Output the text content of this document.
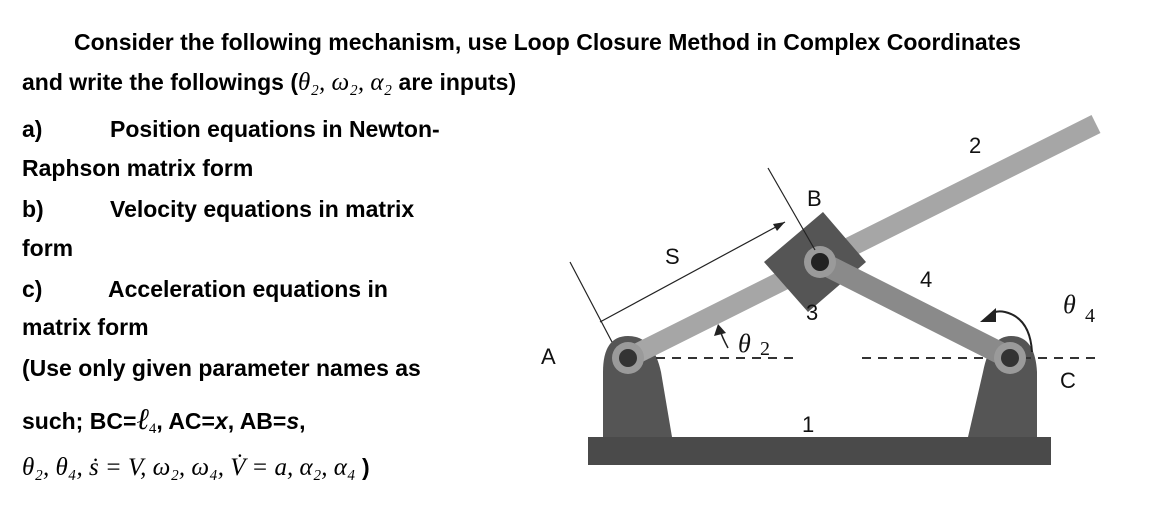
Consider the following mechanism, use Loop Closure Method in Complex Coordinates
and write the followings (θ₂, ω₂, α₂ are inputs)
a)	Position equations in Newton-
Raphson matrix form
b)	Velocity equations in matrix
form
c)	Acceleration equations in
matrix form
(Use only given parameter names as
such; BC=ℓ$_4$, AC=x, AB=s,
θ₂, θ₄, ṡ = V, ω₂, ω₄, V̇ = a, α₂, α₄ )
A
B
C
S
1
2
3
4
θ 2
θ 4
